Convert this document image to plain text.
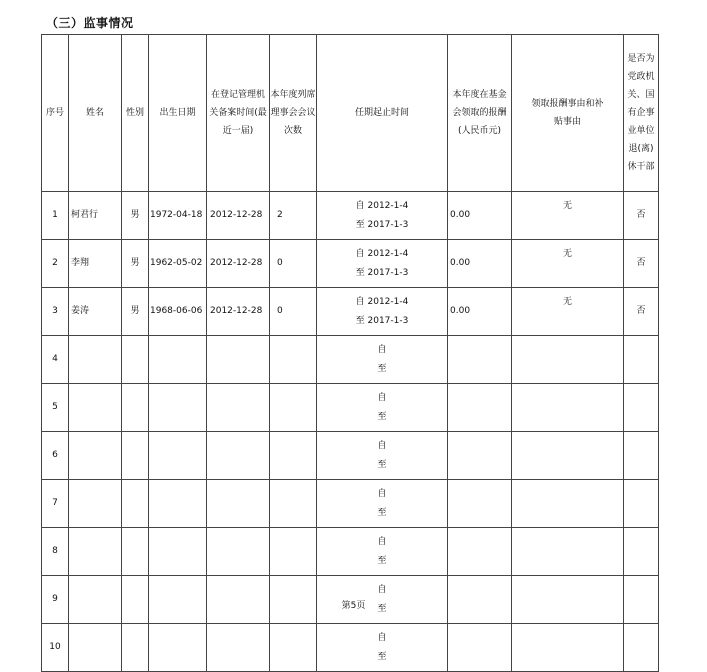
（三）监事情况
序号	姓名	性别	出生日期	在登记管理机关备案时间(最近一届)	本年度列席理事会会议次数	任期起止时间	本年度在基金会领取的报酬(人民币元)	领取报酬事由和补贴事由	是否为党政机关、国有企事业单位退(离)休干部

1	柯君行	男	1972-04-18	2012-12-28	2	自 2012-1-4
至 2017-1-3	0.00	无	否
2	李翔	男	1962-05-02	2012-12-28	0	自 2012-1-4
至 2017-1-3	0.00	无	否
3	姜涛	男	1968-06-06	2012-12-28	0	自 2012-1-4
至 2017-1-3	0.00	无	否
4						自
至			

5						自
至			

6						自
至			

7						自
至			

8						自
至			

9						自
至			

10						自
至			

第5页
